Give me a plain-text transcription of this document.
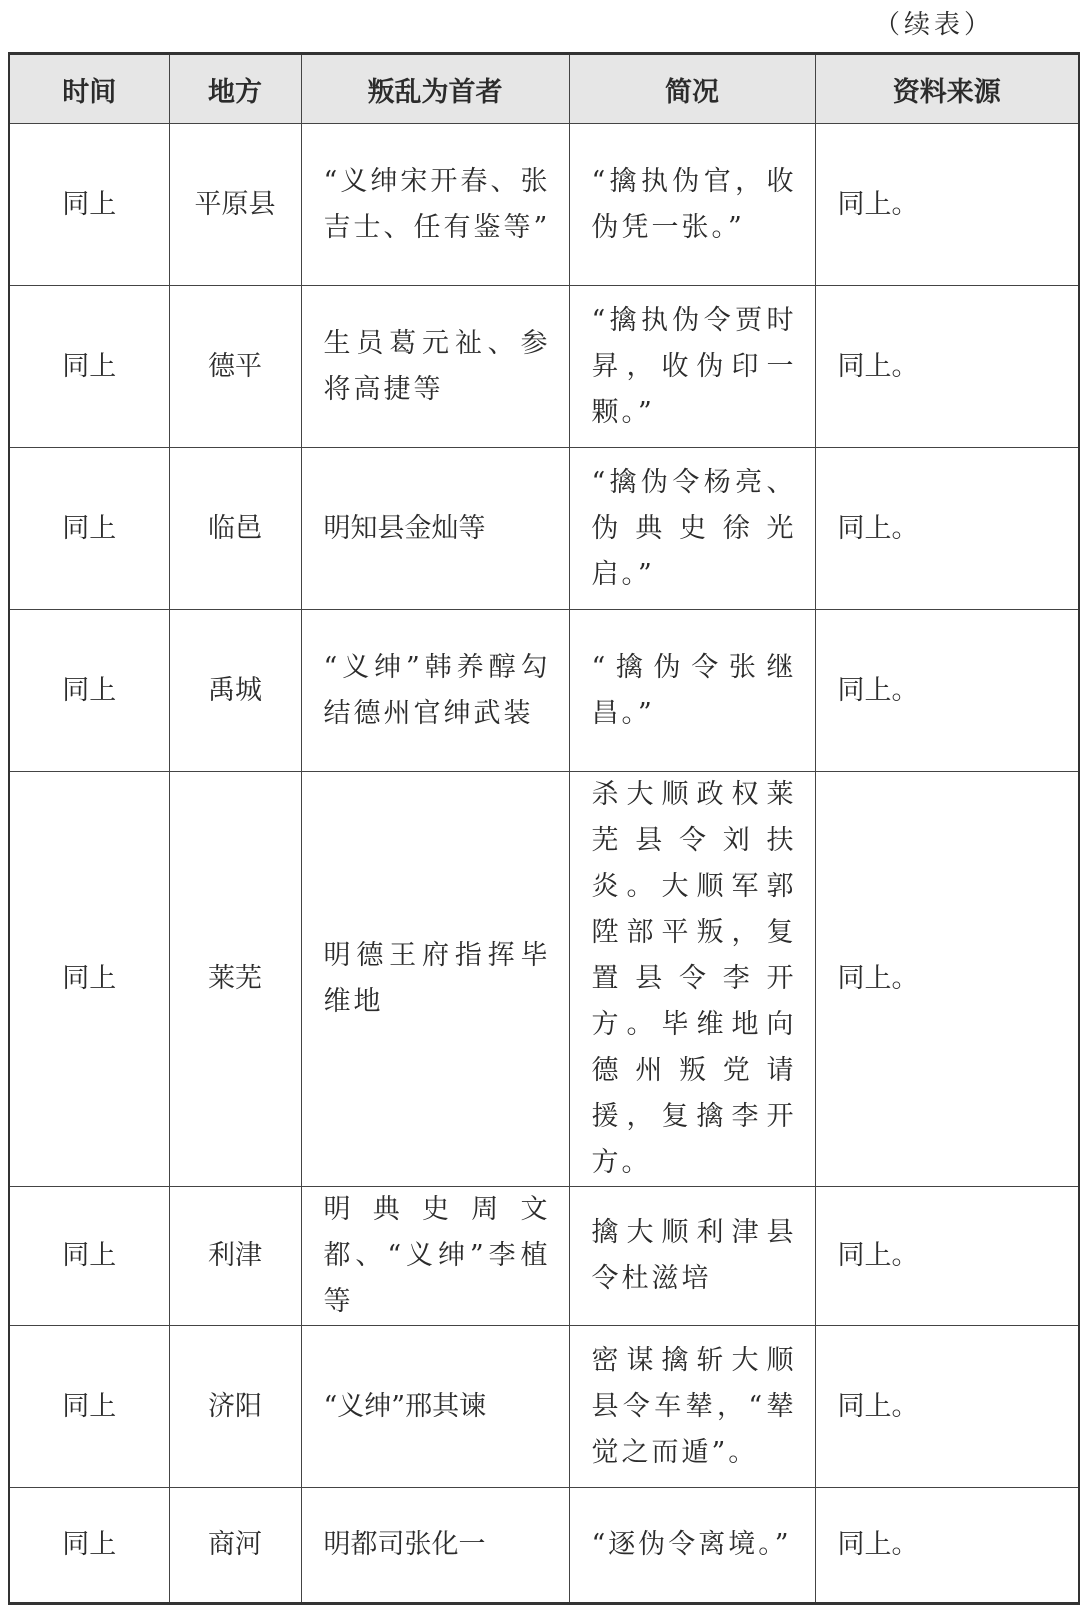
（续表）
时间	地方	叛乱为首者	简况	资料来源
同上	平原县	“义绅宋开春、张吉士、任有鉴等”	“擒执伪官，收伪凭一张。”	同上。
同上	德平	生员葛元祉、参将高捷等	“擒执伪令贾时昇，收伪印一颗。”	同上。
同上	临邑	明知县金灿等	“擒伪令杨亮、伪典史徐光启。”	同上。
同上	禹城	“义绅”韩养醇勾结德州官绅武装	“擒伪令张继昌。”	同上。
同上	莱芜	明德王府指挥毕维地	杀大顺政权莱芜县令刘扶炎。大顺军郭陞部平叛，复置县令李开方。毕维地向德州叛党请援，复擒李开方。	同上。
同上	利津	明典史周文都、“义绅”李植等	擒大顺利津县令杜滋培	同上。
同上	济阳	“义绅”邢其谏	密谋擒斩大顺县令车辇，“辇觉之而遁”。	同上。
同上	商河	明都司张化一	“逐伪令离境。”	同上。
